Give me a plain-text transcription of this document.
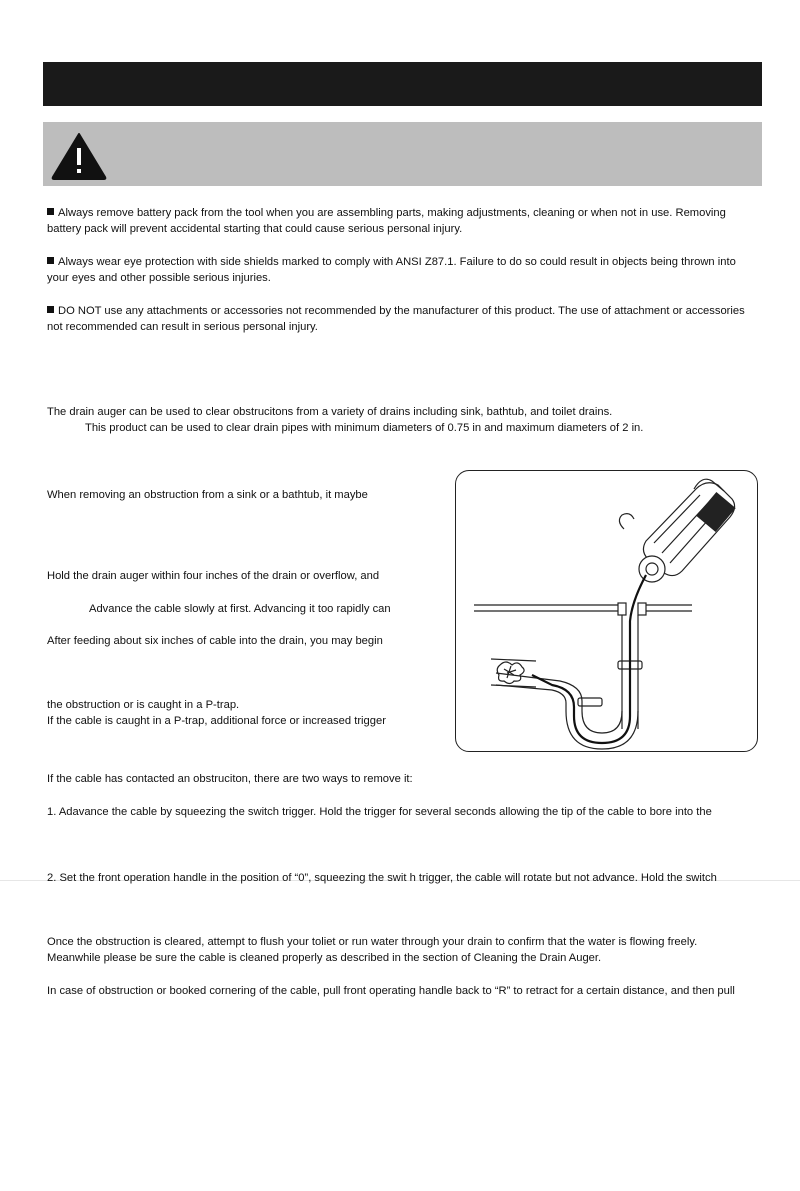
Always remove battery pack from the tool when you are assembling parts, making adjustments, cleaning or when not in use. Removing battery pack will prevent accidental starting that could cause serious personal injury.
Always wear eye protection with side shields marked to comply with ANSI Z87.1. Failure to do so could result in objects being thrown into your eyes and other possible serious injuries.
DO NOT use any attachments or accessories not recommended by the manufacturer of this product. The use of attachment or accessories not recommended can result in serious personal injury.
The drain auger can be used to clear obstrucitons from a variety of drains including sink, bathtub, and toilet drains.
This product can be used to clear drain pipes with minimum diameters of 0.75 in and maximum diameters of 2 in.
When removing an obstruction from a sink or a bathtub, it maybe
Hold the drain auger within four inches of the drain or overflow, and
Advance the cable slowly at first. Advancing it too rapidly can
After feeding about six inches of cable into the drain, you may begin
the obstruction or is caught in a P-trap.
If the cable is caught in a P-trap, additional force or increased trigger
If the cable has contacted an obstruciton, there are two ways to remove it:
1. Adavance the cable by squeezing the switch trigger. Hold the trigger for several seconds allowing the tip of the cable to bore into the
2. Set the front operation handle in the position of “0”, squeezing the swit h trigger, the cable will rotate but not advance. Hold the switch
Once the obstruction is cleared, attempt to flush your toliet or run water through your drain to confirm that the water is flowing freely.
Meanwhile please be sure the cable is cleaned properly as described in the section of Cleaning the Drain Auger.
In case of obstruction or booked cornering of the cable, pull front operating handle back to “R” to retract for a certain distance, and then pull
